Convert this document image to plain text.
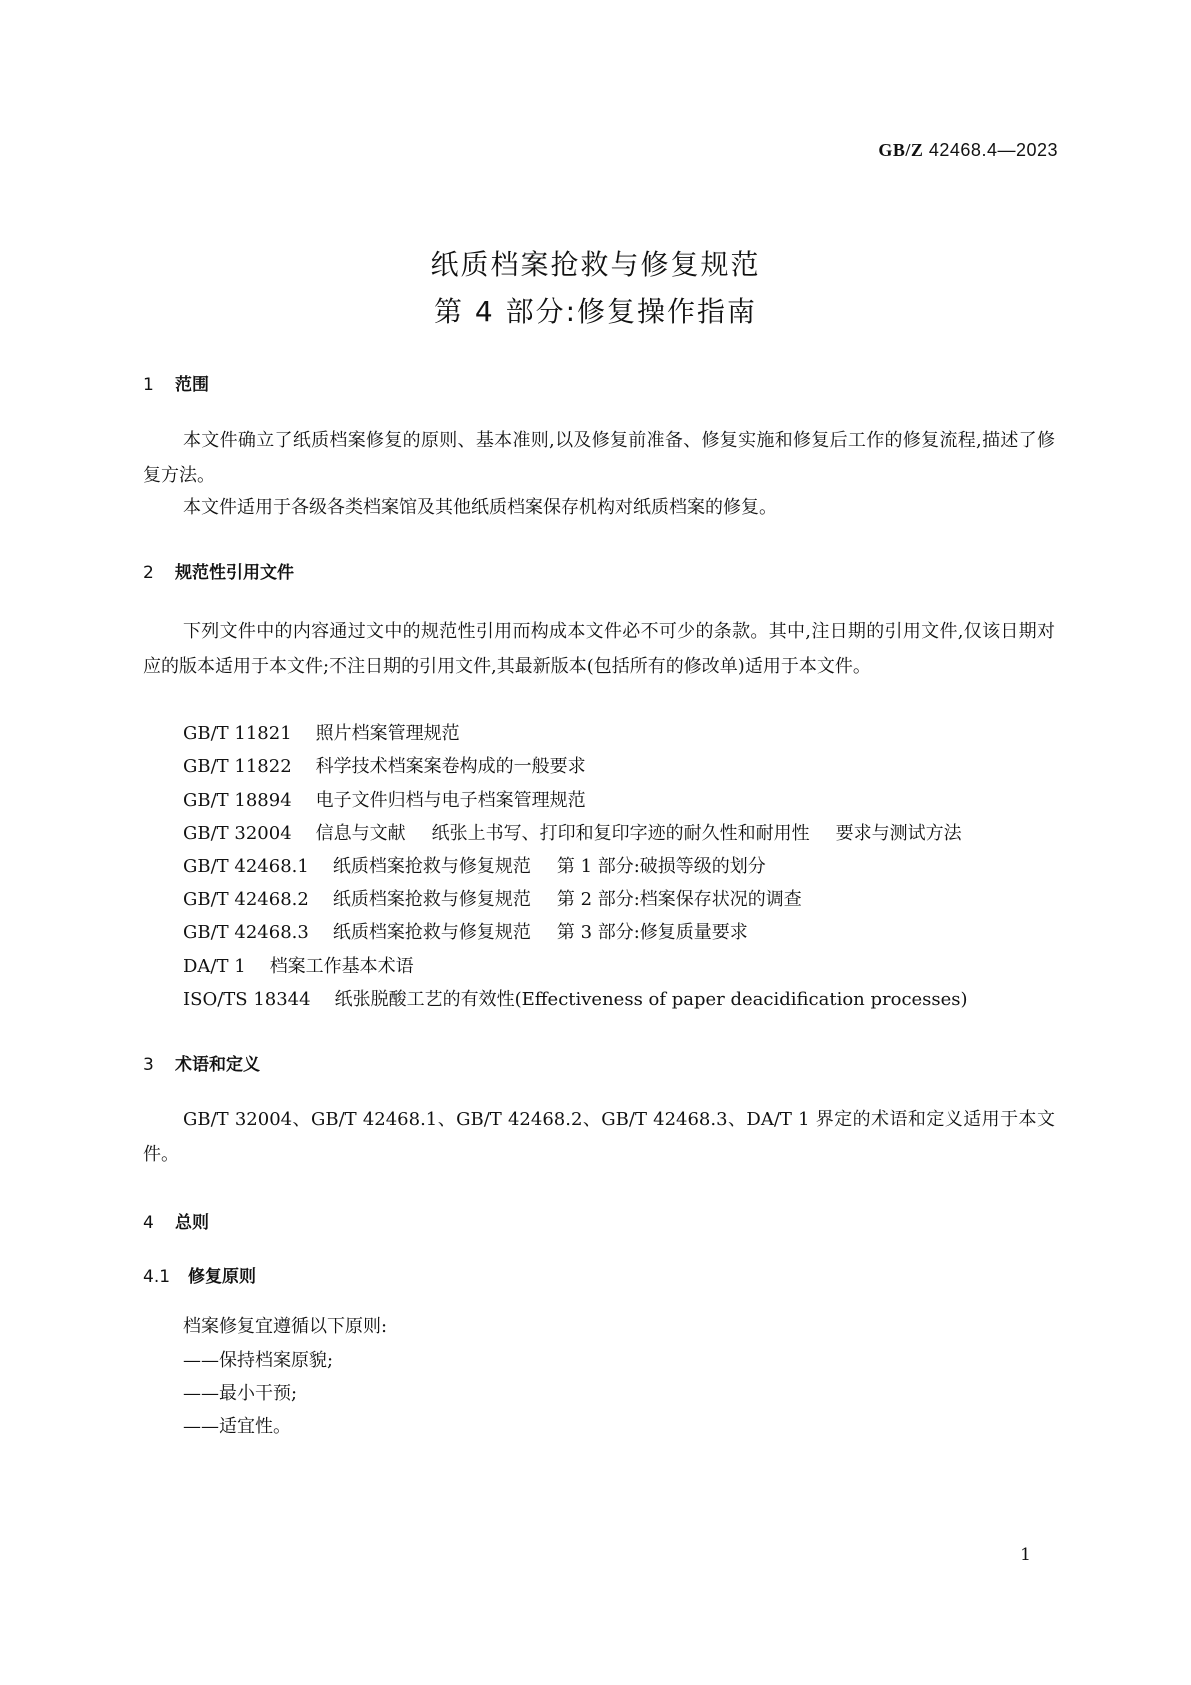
GB/Z 42468.4—2023
纸质档案抢救与修复规范
第 4 部分:修复操作指南
1 范围
本文件确立了纸质档案修复的原则、基本准则,以及修复前准备、修复实施和修复后工作的修复流程,描述了修复方法。
本文件适用于各级各类档案馆及其他纸质档案保存机构对纸质档案的修复。
2 规范性引用文件
下列文件中的内容通过文中的规范性引用而构成本文件必不可少的条款。其中,注日期的引用文件,仅该日期对应的版本适用于本文件;不注日期的引用文件,其最新版本(包括所有的修改单)适用于本文件。
GB/T 11821 照片档案管理规范
GB/T 11822 科学技术档案案卷构成的一般要求
GB/T 18894 电子文件归档与电子档案管理规范
GB/T 32004 信息与文献 纸张上书写、打印和复印字迹的耐久性和耐用性 要求与测试方法
GB/T 42468.1 纸质档案抢救与修复规范 第 1 部分:破损等级的划分
GB/T 42468.2 纸质档案抢救与修复规范 第 2 部分:档案保存状况的调查
GB/T 42468.3 纸质档案抢救与修复规范 第 3 部分:修复质量要求
DA/T 1 档案工作基本术语
ISO/TS 18344 纸张脱酸工艺的有效性(Effectiveness of paper deacidification processes)
3 术语和定义
GB/T 32004、GB/T 42468.1、GB/T 42468.2、GB/T 42468.3、DA/T 1 界定的术语和定义适用于本文件。
4 总则
4.1 修复原则
档案修复宜遵循以下原则:
——保持档案原貌;
——最小干预;
——适宜性。
1
